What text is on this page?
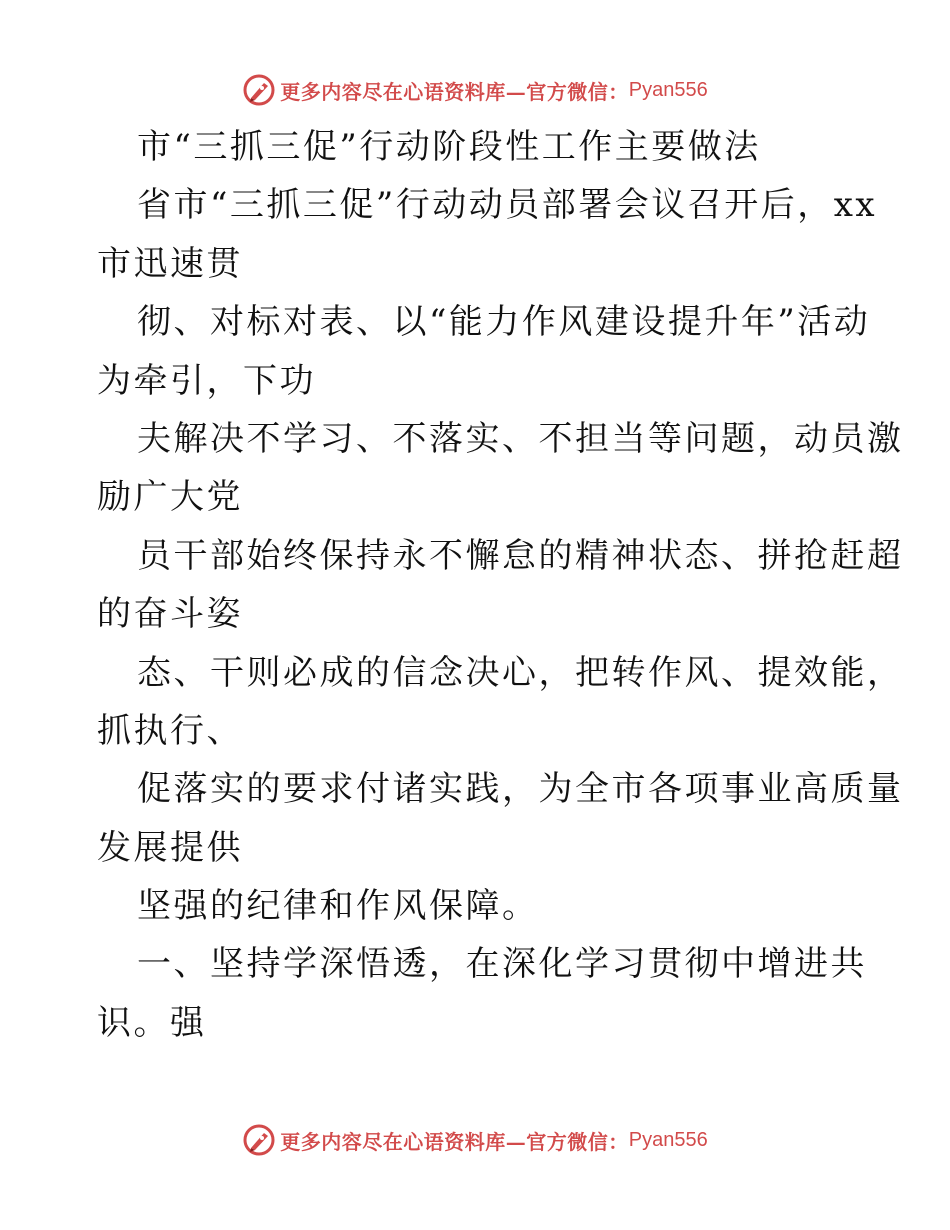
更多内容尽在心语资料库—官方微信： Pyan556
市“三抓三促”行动阶段性工作主要做法
省市“三抓三促”行动动员部署会议召开后，xx
市迅速贯
彻、对标对表、以“能力作风建设提升年”活动
为牵引，下功
夫解决不学习、不落实、不担当等问题，动员激
励广大党
员干部始终保持永不懈怠的精神状态、拼抢赶超
的奋斗姿
态、干则必成的信念决心，把转作风、提效能，
抓执行、
促落实的要求付诸实践，为全市各项事业高质量
发展提供
坚强的纪律和作风保障。
一、坚持学深悟透，在深化学习贯彻中增进共
识。强
更多内容尽在心语资料库—官方微信： Pyan556
